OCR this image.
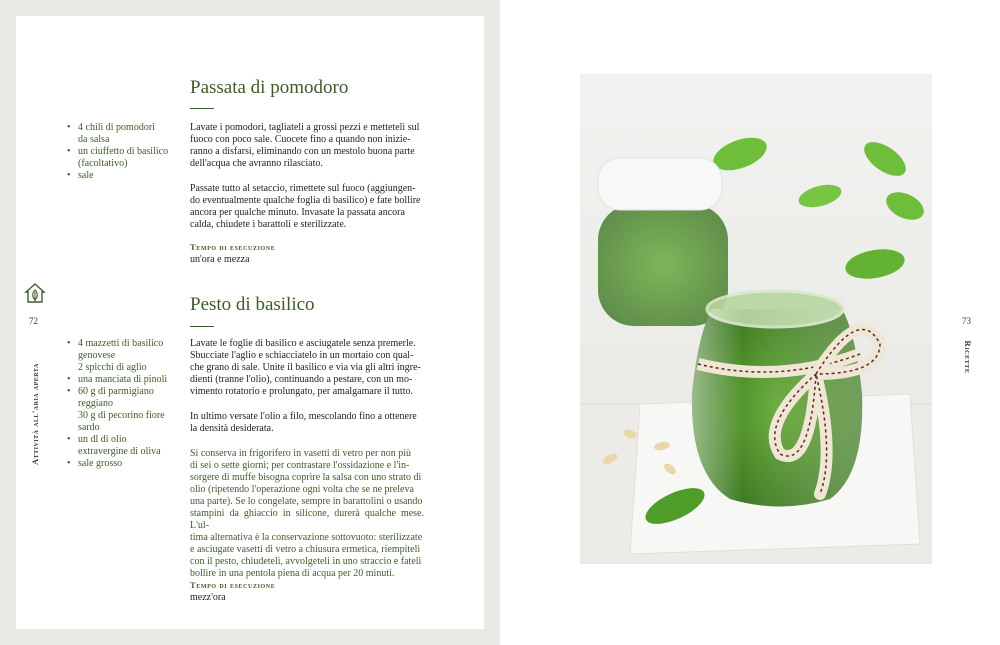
72
Attività all'aria aperta
Passata di pomodoro
• 4 chili di pomodori
da salsa
• un ciuffetto di basilico
(facoltativo)
• sale
Lavate i pomodori, tagliateli a grossi pezzi e metteteli sul
fuoco con poco sale. Cuocete fino a quando non inizie-
ranno a disfarsi, eliminando con un mestolo buona parte
dell'acqua che avranno rilasciato.
Passate tutto al setaccio, rimettete sul fuoco (aggiungen-
do eventualmente qualche foglia di basilico) e fate bollire
ancora per qualche minuto. Invasate la passata ancora
calda, chiudete i barattoli e sterilizzate.
Tempo di esecuzione
un'ora e mezza
Pesto di basilico
• 4 mazzetti di basilico
genovese
2 spicchi di aglio
• una manciata di pinoli
• 60 g di parmigiano
reggiano
30 g di pecorino fiore
sardo
• un dl di olio
extravergine di oliva
• sale grosso
Lavate le foglie di basilico e asciugatele senza premerle.
Sbucciate l'aglio e schiacciatelo in un mortaio con qual-
che grano di sale. Unite il basilico e via via gli altri ingre-
dienti (tranne l'olio), continuando a pestare, con un mo-
vimento rotatorio e prolungato, per amalgamare il tutto.
In ultimo versate l'olio a filo, mescolando fino a ottenere
la densità desiderata.
Si conserva in frigorifero in vasetti di vetro per non più
di sei o sette giorni; per contrastare l'ossidazione e l'in-
sorgere di muffe bisogna coprire la salsa con uno strato di
olio (ripetendo l'operazione ogni volta che se ne preleva
una parte). Se lo congelate, sempre in barattolini o usando
stampini da ghiaccio in silicone, durerà qualche mese. L'ul-
tima alternativa è la conservazione sottovuoto: sterilizzate
e asciugate vasetti di vetro a chiusura ermetica, riempiteli
con il pesto, chiudeteli, avvolgeteli in uno straccio e fateli
bollire in una pentola piena di acqua per 20 minuti.
Tempo di esecuzione
mezz'ora
73
Ricette
